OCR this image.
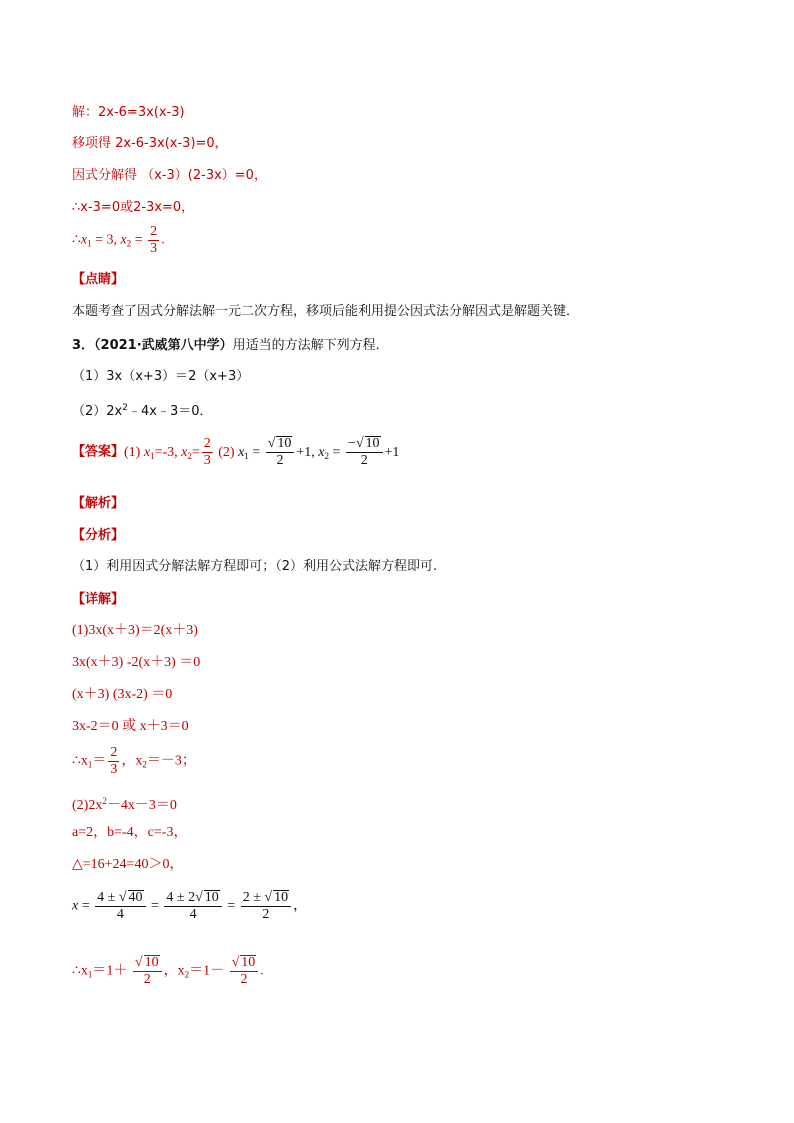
解：2x-6=3x(x-3)
移项得 2x-6-3x(x-3)=0，
因式分解得 （x-3）(2-3x）=0，
∴x-3=0或2-3x=0，
$\therefore x_1 = 3$, $x_2 = \frac{2}{3}$ .
【点睛】
本题考查了因式分解法解一元二次方程，移项后能利用提公因式法分解因式是解题关键．
3．（2021·武威第八中学）用适当的方法解下列方程．
（1）3x（x+3）＝2（x+3）
$(2)2x^2﹣4x﹣3=0$．
【答案】(1) $x_1=-3$, $x_2= \frac{2}{3} (2) x_1 = \frac{√ 10}{2} +1$, $x_2 = \frac{-√ 10}{2} +1$
【解析】
【分析】
（1）利用因式分解法解方程即可；（2）利用公式法解方程即可.
【详解】
(1)3x(x＋3)＝2(x＋3)
3x(x＋3) -2(x＋3) ＝0
(x＋3) (3x-2) ＝0
3x-2＝0 或 x＋3＝0
$\therefore x_1= \frac{2}{3}$ ，$x_2=-3$；
$(2)2x^2-4x-3=0$
a=2，b=-4，c=-3，
△=16+24=40＞0，
$x = \frac{4 \pm √ 40}{4} = \frac{4 \pm 2√ 10}{4} = \frac{2 \pm √ 10}{2}$ ，
$\therefore x_1=1+ \frac{√ 10}{2}$ ，$x_2=1- \frac{√ 10}{2}$ .
